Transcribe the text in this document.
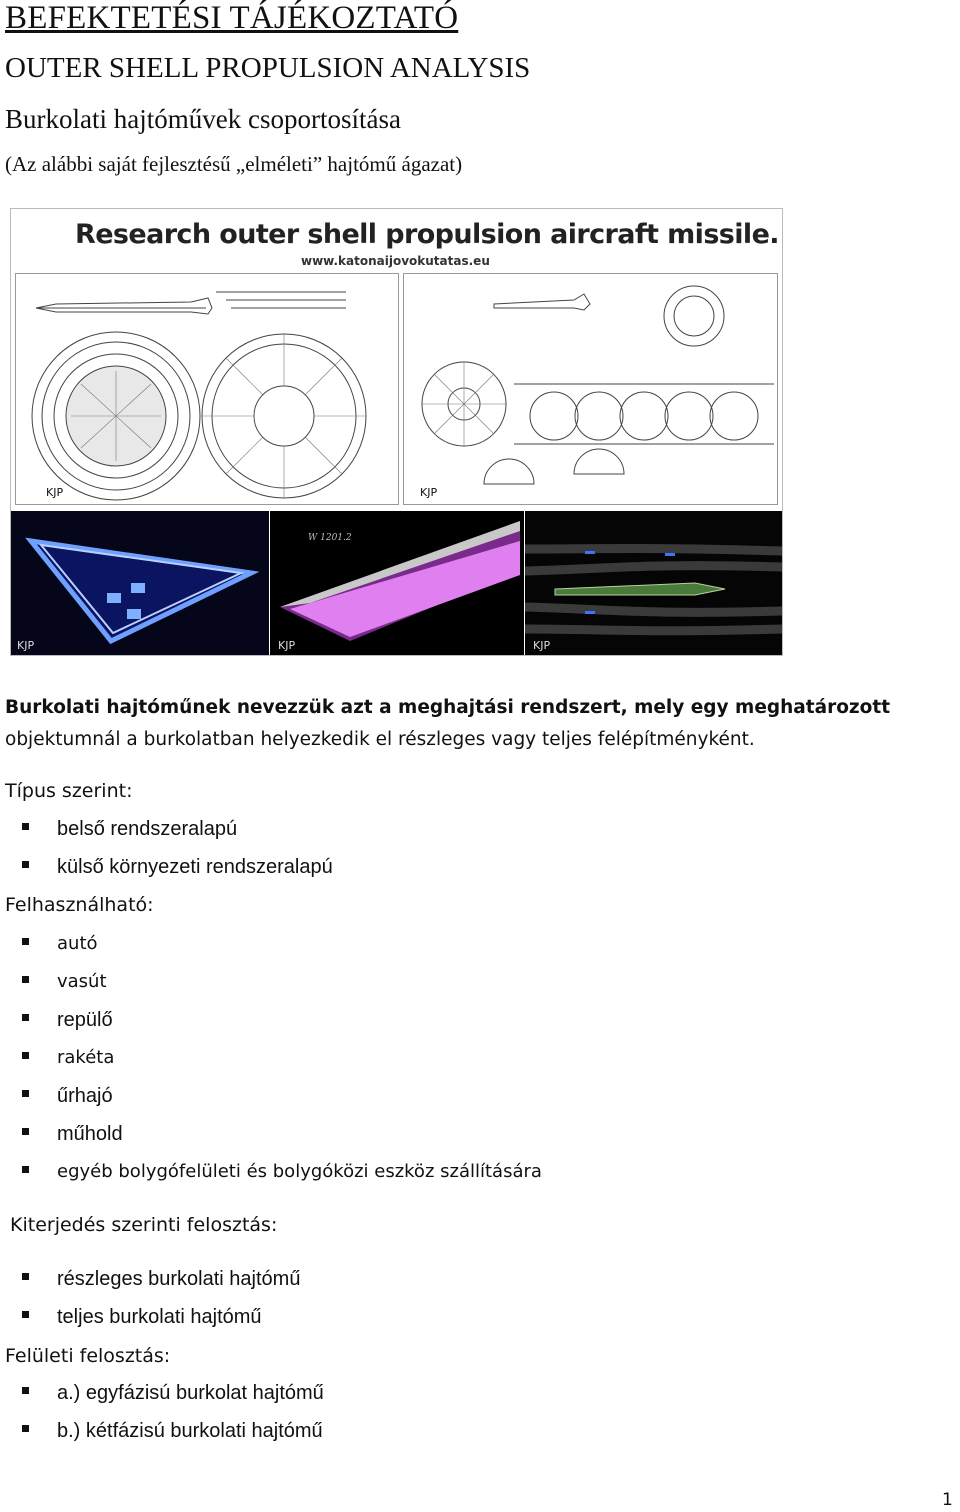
BEFEKTETÉSI TÁJÉKOZTATÓ
OUTER SHELL PROPULSION ANALYSIS
Burkolati hajtóművek csoportosítása
(Az alábbi saját fejlesztésű „elméleti” hajtómű ágazat)
Research outer shell propulsion aircraft missile.
www.katonaijovokutatas.eu
KJP	KJP
KJP
W 1201.2
KJP	KJP
Burkolati hajtóműnek nevezzük azt a meghajtási rendszert, mely egy meghatározott
objektumnál a burkolatban helyezkedik el részleges vagy teljes felépítményként.
Típus szerint:
belső rendszeralapú
külső környezeti rendszeralapú
Felhasználható:
autó
vasút
repülő
rakéta
űrhajó
műhold
egyéb bolygófelületi és bolygóközi eszköz szállítására
Kiterjedés szerinti felosztás:
részleges burkolati hajtómű
teljes burkolati hajtómű
Felületi felosztás:
a.) egyfázisú burkolat hajtómű
b.) kétfázisú burkolati hajtómű
1
